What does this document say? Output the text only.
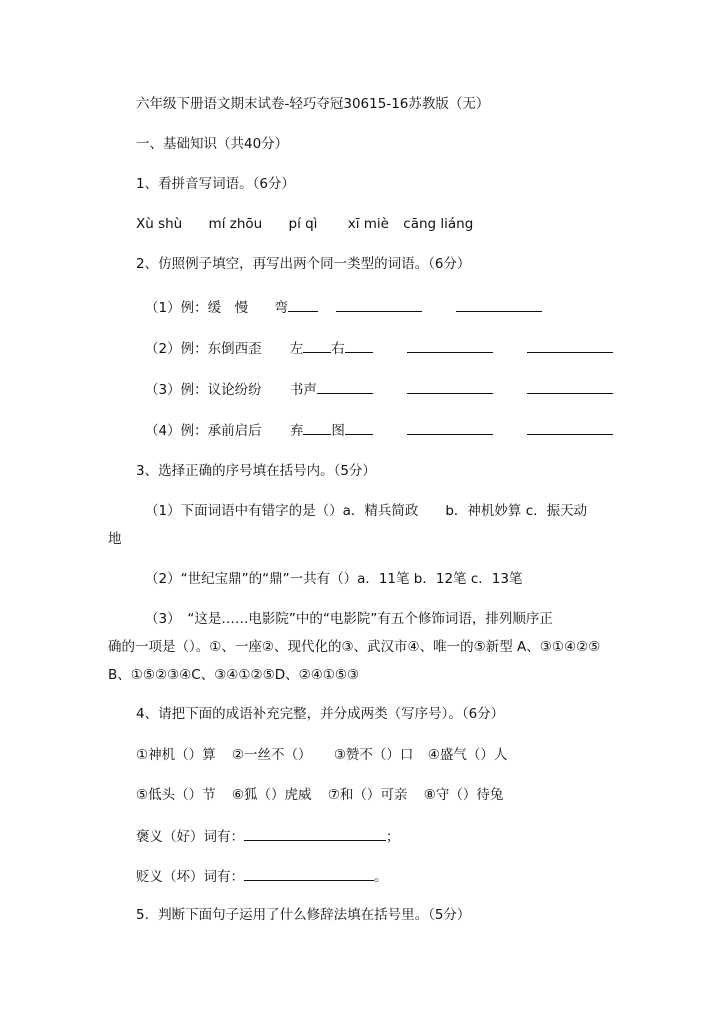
六年级下册语文期末试卷-轻巧夺冠30615-16苏教版（无）
一、基础知识（共40分）
1、看拼音写词语。（6分）
Xù shù mí zhōu pí qì xī miè cāng liáng
2、仿照例子填空，再写出两个同一类型的词语。（6分）
（1）例：缓　慢 弯
（2）例：东倒西歪 左 右
（3）例：议论纷纷 书声
（4）例：承前启后 弃 图
3、选择正确的序号填在括号内。（5分）
（1）下面词语中有错字的是（）a．精兵简政　　b．神机妙算 c．振天动
地
（2）“世纪宝鼎”的“鼎”一共有（）a．11笔 b．12笔 c．13笔
（3）　“这是……电影院”中的“电影院”有五个修饰词语，排列顺序正
确的一项是（）。①、一座②、现代化的③、武汉市④、唯一的⑤新型 A、③①④②⑤
B、①⑤②③④C、③④①②⑤D、②④①⑤③
4、请把下面的成语补充完整，并分成两类（写序号）。（6分）
①神机（）算 ②一丝不（） ③赞不（）口 ④盛气（）人
⑤低头（）节 ⑥狐（）虎威 ⑦和（）可亲 ⑧守（）待兔
褒义（好）词有：	；
贬义（坏）词有：	。
5．判断下面句子运用了什么修辞法填在括号里。（5分）
